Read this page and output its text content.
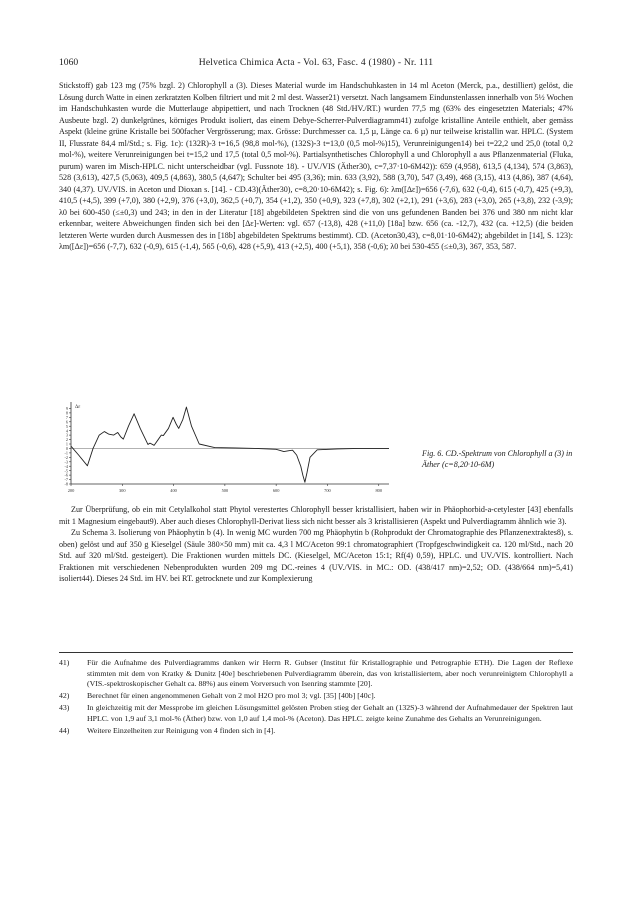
1060	Helvetica Chimica Acta - Vol. 63, Fasc. 4 (1980) - Nr. 111

Stickstoff) gab 123 mg (75% bzgl. 2) Chlorophyll a (3). Dieses Material wurde im Handschuhkasten in 14 ml Aceton (Merck, p.a., destilliert) gelöst, die Lösung durch Watte in einen zerkratzten Kolben filtriert und mit 2 ml dest. Wasser21) versetzt. Nach langsamem Eindunstenlassen innerhalb von 5½ Wochen im Handschuhkasten wurde die Mutterlauge abpipettiert, und nach Trocknen (48 Std./HV./RT.) wurden 77,5 mg (63% des eingesetzten Materials; 47% Ausbeute bzgl. 2) dunkelgrünes, körniges Produkt isoliert, das einem Debye-Scherrer-Pulverdiagramm41) zufolge kristalline Anteile enthielt, aber gemäss Aspekt (kleine grüne Kristalle bei 500facher Vergrösserung; max. Grösse: Durchmesser ca. 1,5 µ, Länge ca. 6 µ) nur teilweise kristallin war. HPLC. (System II, Flussrate 84,4 ml/Std.; s. Fig. 1c): (132R)-3 t=16,5 (98,8 mol-%), (132S)-3 t=13,0 (0,5 mol-%)15), Verunreinigungen14) bei t=22,2 und 25,0 (total 0,2 mol-%), weitere Verunreinigungen bei t=15,2 und 17,5 (total 0,5 mol-%). Partialsynthetisches Chlorophyll a und Chlorophyll a aus Pflanzenmaterial (Fluka, purum) waren im Misch-HPLC. nicht unterscheidbar (vgl. Fussnote 18). - UV./VIS (Äther30), c=7,37·10-6M42)): 659 (4,958), 613,5 (4,134), 574 (3,863), 528 (3,613), 427,5 (5,063), 409,5 (4,863), 380,5 (4,647); Schulter bei 495 (3,36); min. 633 (3,92), 588 (3,70), 547 (3,49), 468 (3,15), 413 (4,86), 387 (4,64), 340 (4,37). UV./VIS. in Aceton und Dioxan s. [14]. - CD.43)(Äther30), c=8,20·10-6M42); s. Fig. 6): λm([Δε])=656 (-7,6), 632 (-0,4), 615 (-0,7), 425 (+9,3), 410,5 (+4,5), 399 (+7,0), 380 (+2,9), 376 (+3,0), 362,5 (+0,7), 354 (+1,2), 350 (+0,9), 323 (+7,8), 302 (+2,1), 291 (+3,6), 283 (+3,0), 265 (+3,8), 232 (-3,9); λ0 bei 600-450 (≤±0,3) und 243; in den in der Literatur [18] abgebildeten Spektren sind die von uns gefundenen Banden bei 376 und 380 nm nicht klar erkennbar, weitere Abweichungen finden sich bei den [Δε]-Werten: vgl. 657 (-13,8), 428 (+11,0) [18a] bzw. 656 (ca. -12,7), 432 (ca. +12,5) (die beiden letzteren Werte wurden durch Ausmessen des in [18b] abgebildeten Spektrums bestimmt). CD. (Aceton30,43), c=8,01·10-6M42); abgebildet in [14], S. 123): λm([Δε])=656 (-7,7), 632 (-0,9), 615 (-1,4), 565 (-0,6), 428 (+5,9), 413 (+2,5), 400 (+5,1), 358 (-0,6); λ0 bei 530-455 (≤±0,3), 367, 353, 587.

9
8
7
6
5
4
3
2
1
0
-1
-2
-3
-4
-5
-6
-7
-8
200	300	400	500	600	700	800
Δε
Fig. 6. CD.-Spektrum von Chlorophyll a (3) in Äther (c=8,20·10-6M)

Zur Überprüfung, ob ein mit Cetylalkohol statt Phytol verestertes Chlorophyll besser kristallisiert, haben wir in Phäophorbid-a-cetylester [43] ebenfalls mit 1 Magnesium eingebaut9). Aber auch dieses Chlorophyll-Derivat liess sich nicht besser als 3 kristallisieren (Aspekt und Pulverdiagramm ähnlich wie 3).

Zu Schema 3. Isolierung von Phäophytin b (4). In wenig MC wurden 700 mg Phäophytin b (Rohprodukt der Chromatographie des Pflanzenextraktes8), s. oben) gelöst und auf 350 g Kieselgel (Säule 380×50 mm) mit ca. 4,3 l MC/Aceton 99:1 chromatographiert (Tropfgeschwindigkeit ca. 120 ml/Std., nach 20 Std. auf 320 ml/Std. gesteigert). Die Fraktionen wurden mittels DC. (Kieselgel, MC/Aceton 15:1; Rf(4) 0,59), HPLC. und UV./VIS. kontrolliert. Nach Fraktionen mit verschiedenen Nebenprodukten wurden 209 mg DC.-reines 4 (UV./VIS. in MC.: OD. (438/417 nm)=2,52; OD. (438/664 nm)=5,41) isoliert44). Dieses 24 Std. im HV. bei RT. getrocknete und zur Komplexierung

41) Für die Aufnahme des Pulverdiagramms danken wir Herrn R. Gubser (Institut für Kristallographie und Petrographie ETH). Die Lagen der Reflexe stimmten mit dem von Kratky & Dunitz [40e] beschriebenen Pulverdiagramm überein, das von kristallisiertem, aber noch verunreinigtem Chlorophyll a (VIS.-spektroskopischer Gehalt ca. 88%) aus einem Vorversuch von Isenring stammte [20].
42) Berechnet für einen angenommenen Gehalt von 2 mol H2O pro mol 3; vgl. [35] [40b] [40c].
43) In gleichzeitig mit der Messprobe im gleichen Lösungsmittel gelösten Proben stieg der Gehalt an (132S)-3 während der Aufnahmedauer der Spektren laut HPLC. von 1,9 auf 3,1 mol-% (Äther) bzw. von 1,0 auf 1,4 mol-% (Aceton). Das HPLC. zeigte keine Zunahme des Gehalts an Verunreinigungen.
44) Weitere Einzelheiten zur Reinigung von 4 finden sich in [4].
